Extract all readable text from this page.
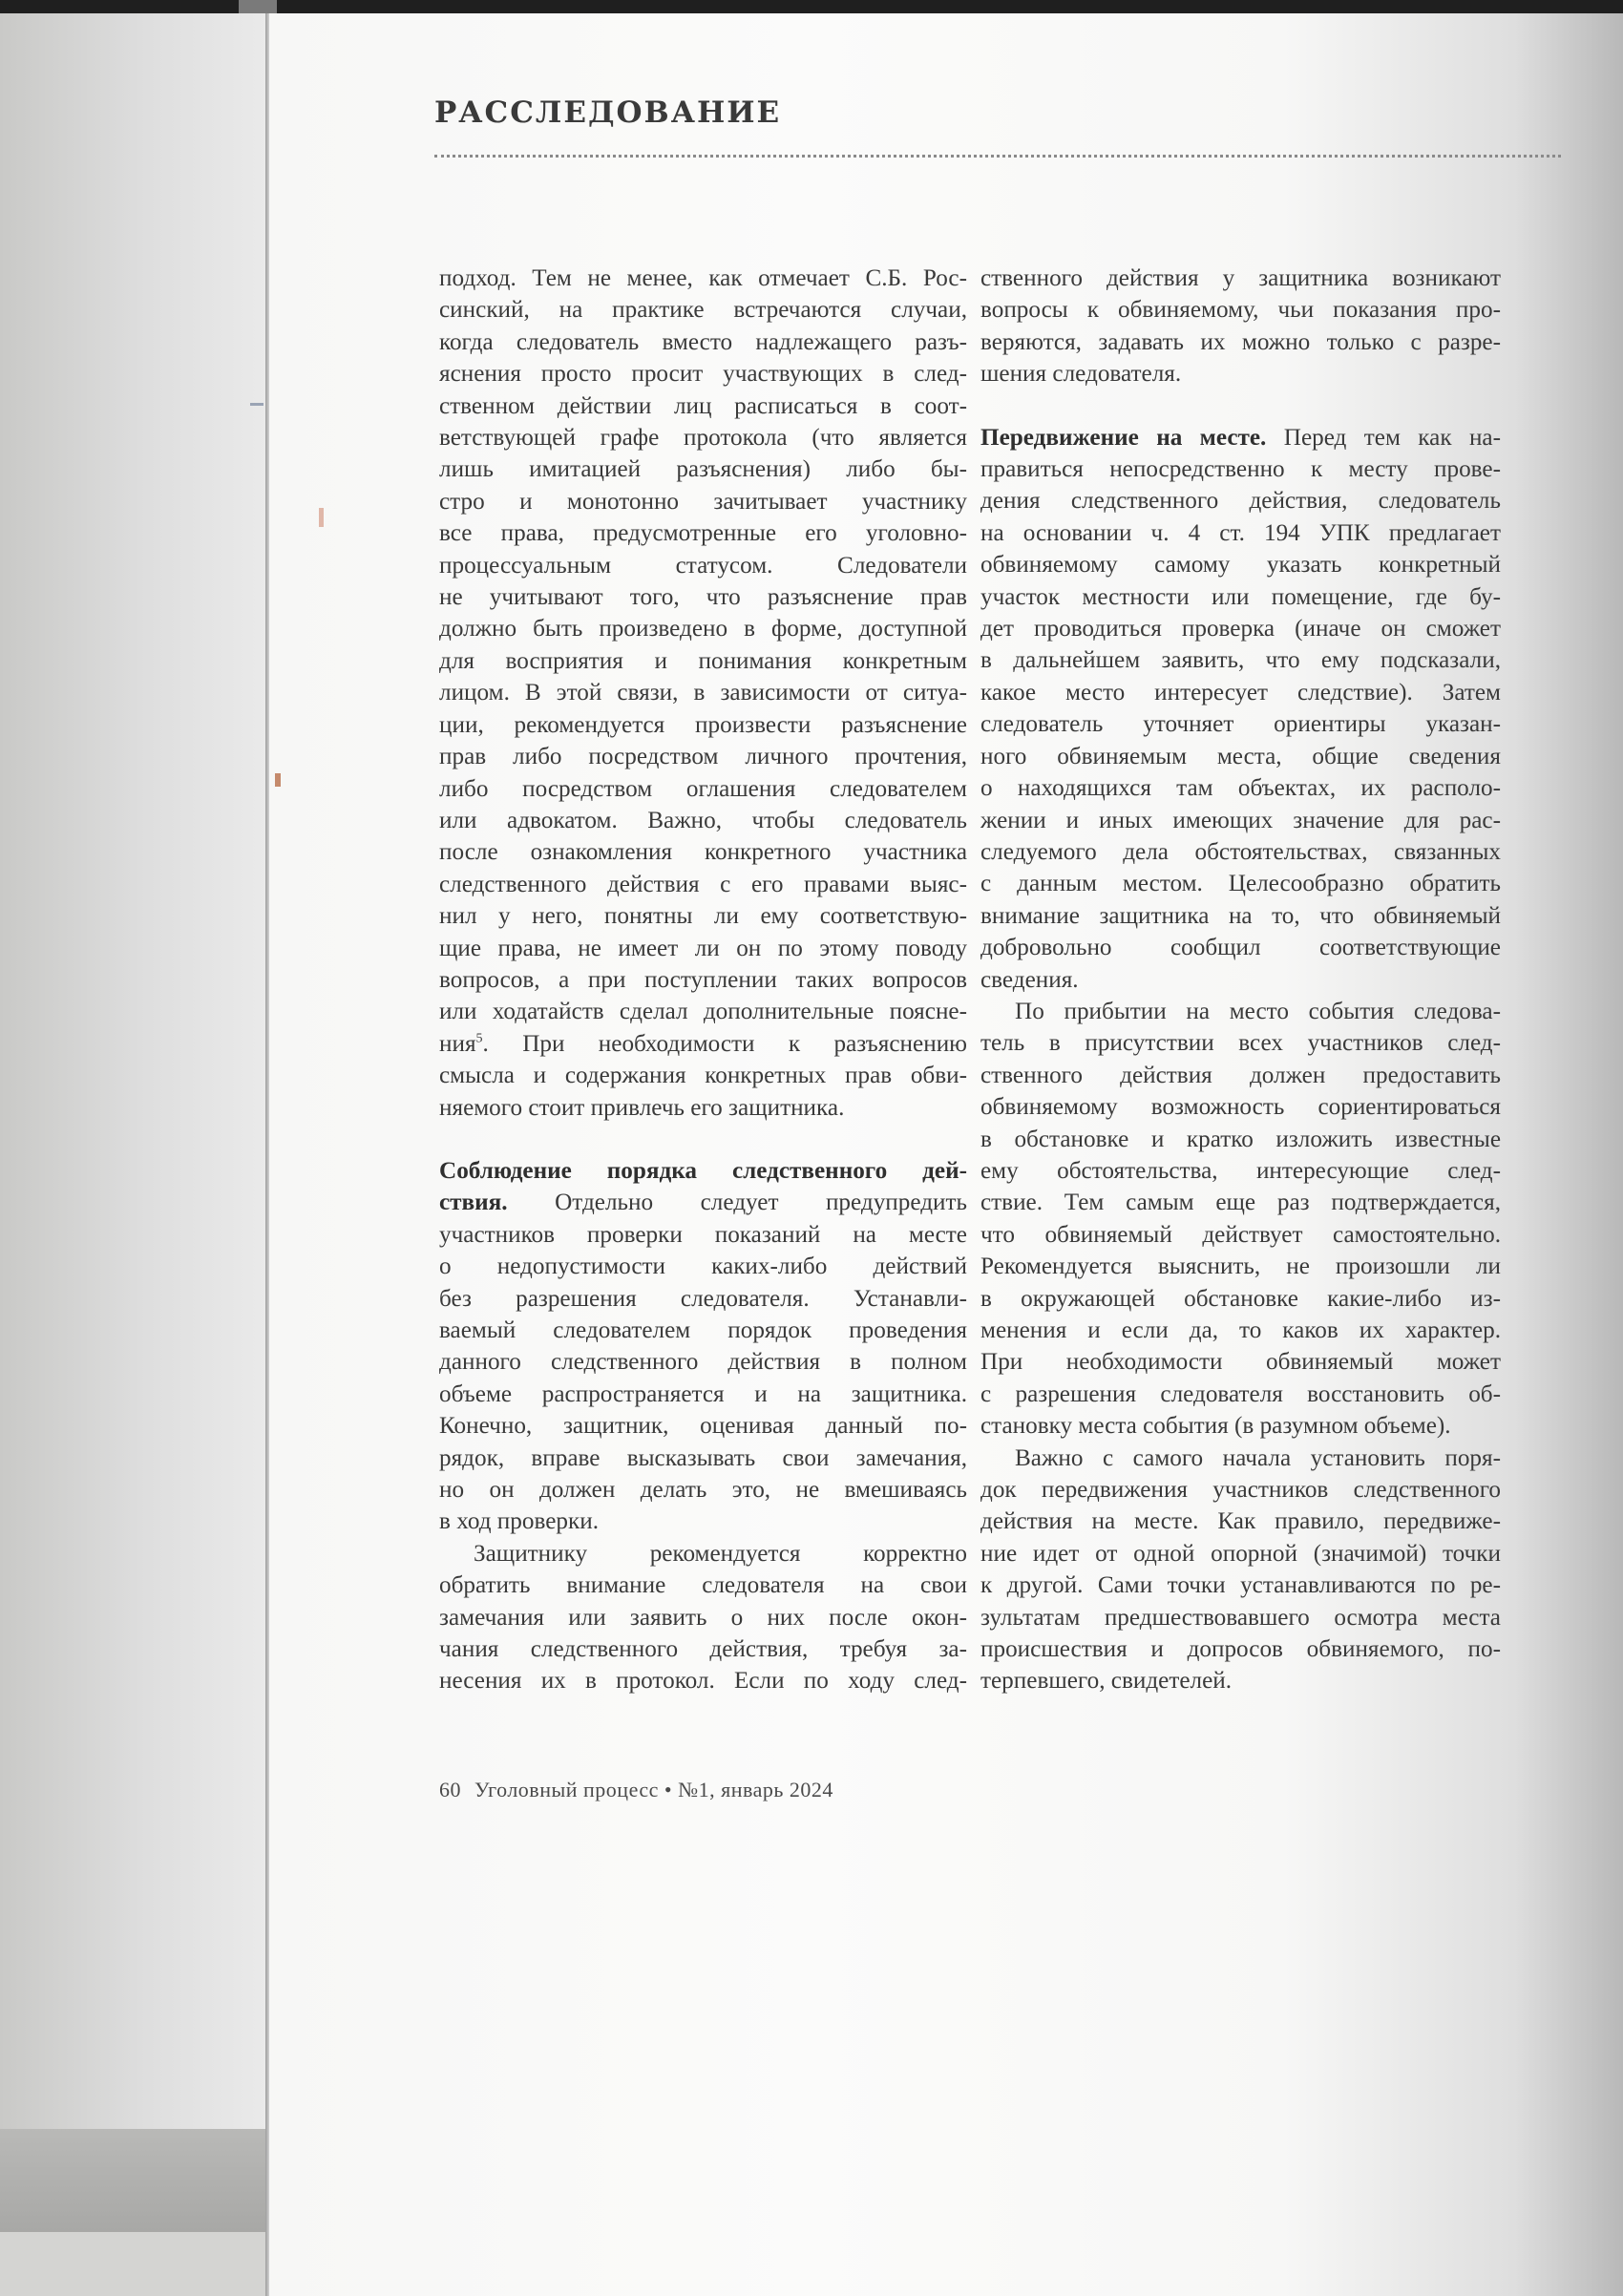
РАССЛЕДОВАНИЕ
подход. Тем не менее, как отмечает С.Б. Рос-
синский, на практике встречаются случаи,
когда следователь вместо надлежащего разъ-
яснения просто просит участвующих в след-
ственном действии лиц расписаться в соот-
ветствующей графе протокола (что является
лишь имитацией разъяснения) либо бы-
стро и монотонно зачитывает участнику
все права, предусмотренные его уголовно-
процессуальным статусом. Следователи
не учитывают того, что разъяснение прав
должно быть произведено в форме, доступной
для восприятия и понимания конкретным
лицом. В этой связи, в зависимости от ситуа-
ции, рекомендуется произвести разъяснение
прав либо посредством личного прочтения,
либо посредством оглашения следователем
или адвокатом. Важно, чтобы следователь
после ознакомления конкретного участника
следственного действия с его правами выяс-
нил у него, понятны ли ему соответствую-
щие права, не имеет ли он по этому поводу
вопросов, а при поступлении таких вопросов
или ходатайств сделал дополнительные поясне-
ния$^5$. При необходимости к разъяснению
смысла и содержания конкретных прав обви-
няемого стоит привлечь его защитника.
Соблюдение порядка следственного дей-
ствия. Отдельно следует предупредить
участников проверки показаний на месте
о недопустимости каких-либо действий
без разрешения следователя. Устанавли-
ваемый следователем порядок проведения
данного следственного действия в полном
объеме распространяется и на защитника.
Конечно, защитник, оценивая данный по-
рядок, вправе высказывать свои замечания,
но он должен делать это, не вмешиваясь
в ход проверки.
Защитнику рекомендуется корректно
обратить внимание следователя на свои
замечания или заявить о них после окон-
чания следственного действия, требуя за-
несения их в протокол. Если по ходу след-
ственного действия у защитника возникают
вопросы к обвиняемому, чьи показания про-
веряются, задавать их можно только с разре-
шения следователя.
Передвижение на месте. Перед тем как на-
правиться непосредственно к месту прове-
дения следственного действия, следователь
на основании ч. 4 ст. 194 УПК предлагает
обвиняемому самому указать конкретный
участок местности или помещение, где бу-
дет проводиться проверка (иначе он сможет
в дальнейшем заявить, что ему подсказали,
какое место интересует следствие). Затем
следователь уточняет ориентиры указан-
ного обвиняемым места, общие сведения
о находящихся там объектах, их располо-
жении и иных имеющих значение для рас-
следуемого дела обстоятельствах, связанных
с данным местом. Целесообразно обратить
внимание защитника на то, что обвиняемый
добровольно сообщил соответствующие
сведения.
По прибытии на место события следова-
тель в присутствии всех участников след-
ственного действия должен предоставить
обвиняемому возможность сориентироваться
в обстановке и кратко изложить известные
ему обстоятельства, интересующие след-
ствие. Тем самым еще раз подтверждается,
что обвиняемый действует самостоятельно.
Рекомендуется выяснить, не произошли ли
в окружающей обстановке какие-либо из-
менения и если да, то каков их характер.
При необходимости обвиняемый может
с разрешения следователя восстановить об-
становку места события (в разумном объеме).
Важно с самого начала установить поря-
док передвижения участников следственного
действия на месте. Как правило, передвиже-
ние идет от одной опорной (значимой) точки
к другой. Сами точки устанавливаются по ре-
зультатам предшествовавшего осмотра места
происшествия и допросов обвиняемого, по-
терпевшего, свидетелей.
60 Уголовный процесс • №1, январь 2024
